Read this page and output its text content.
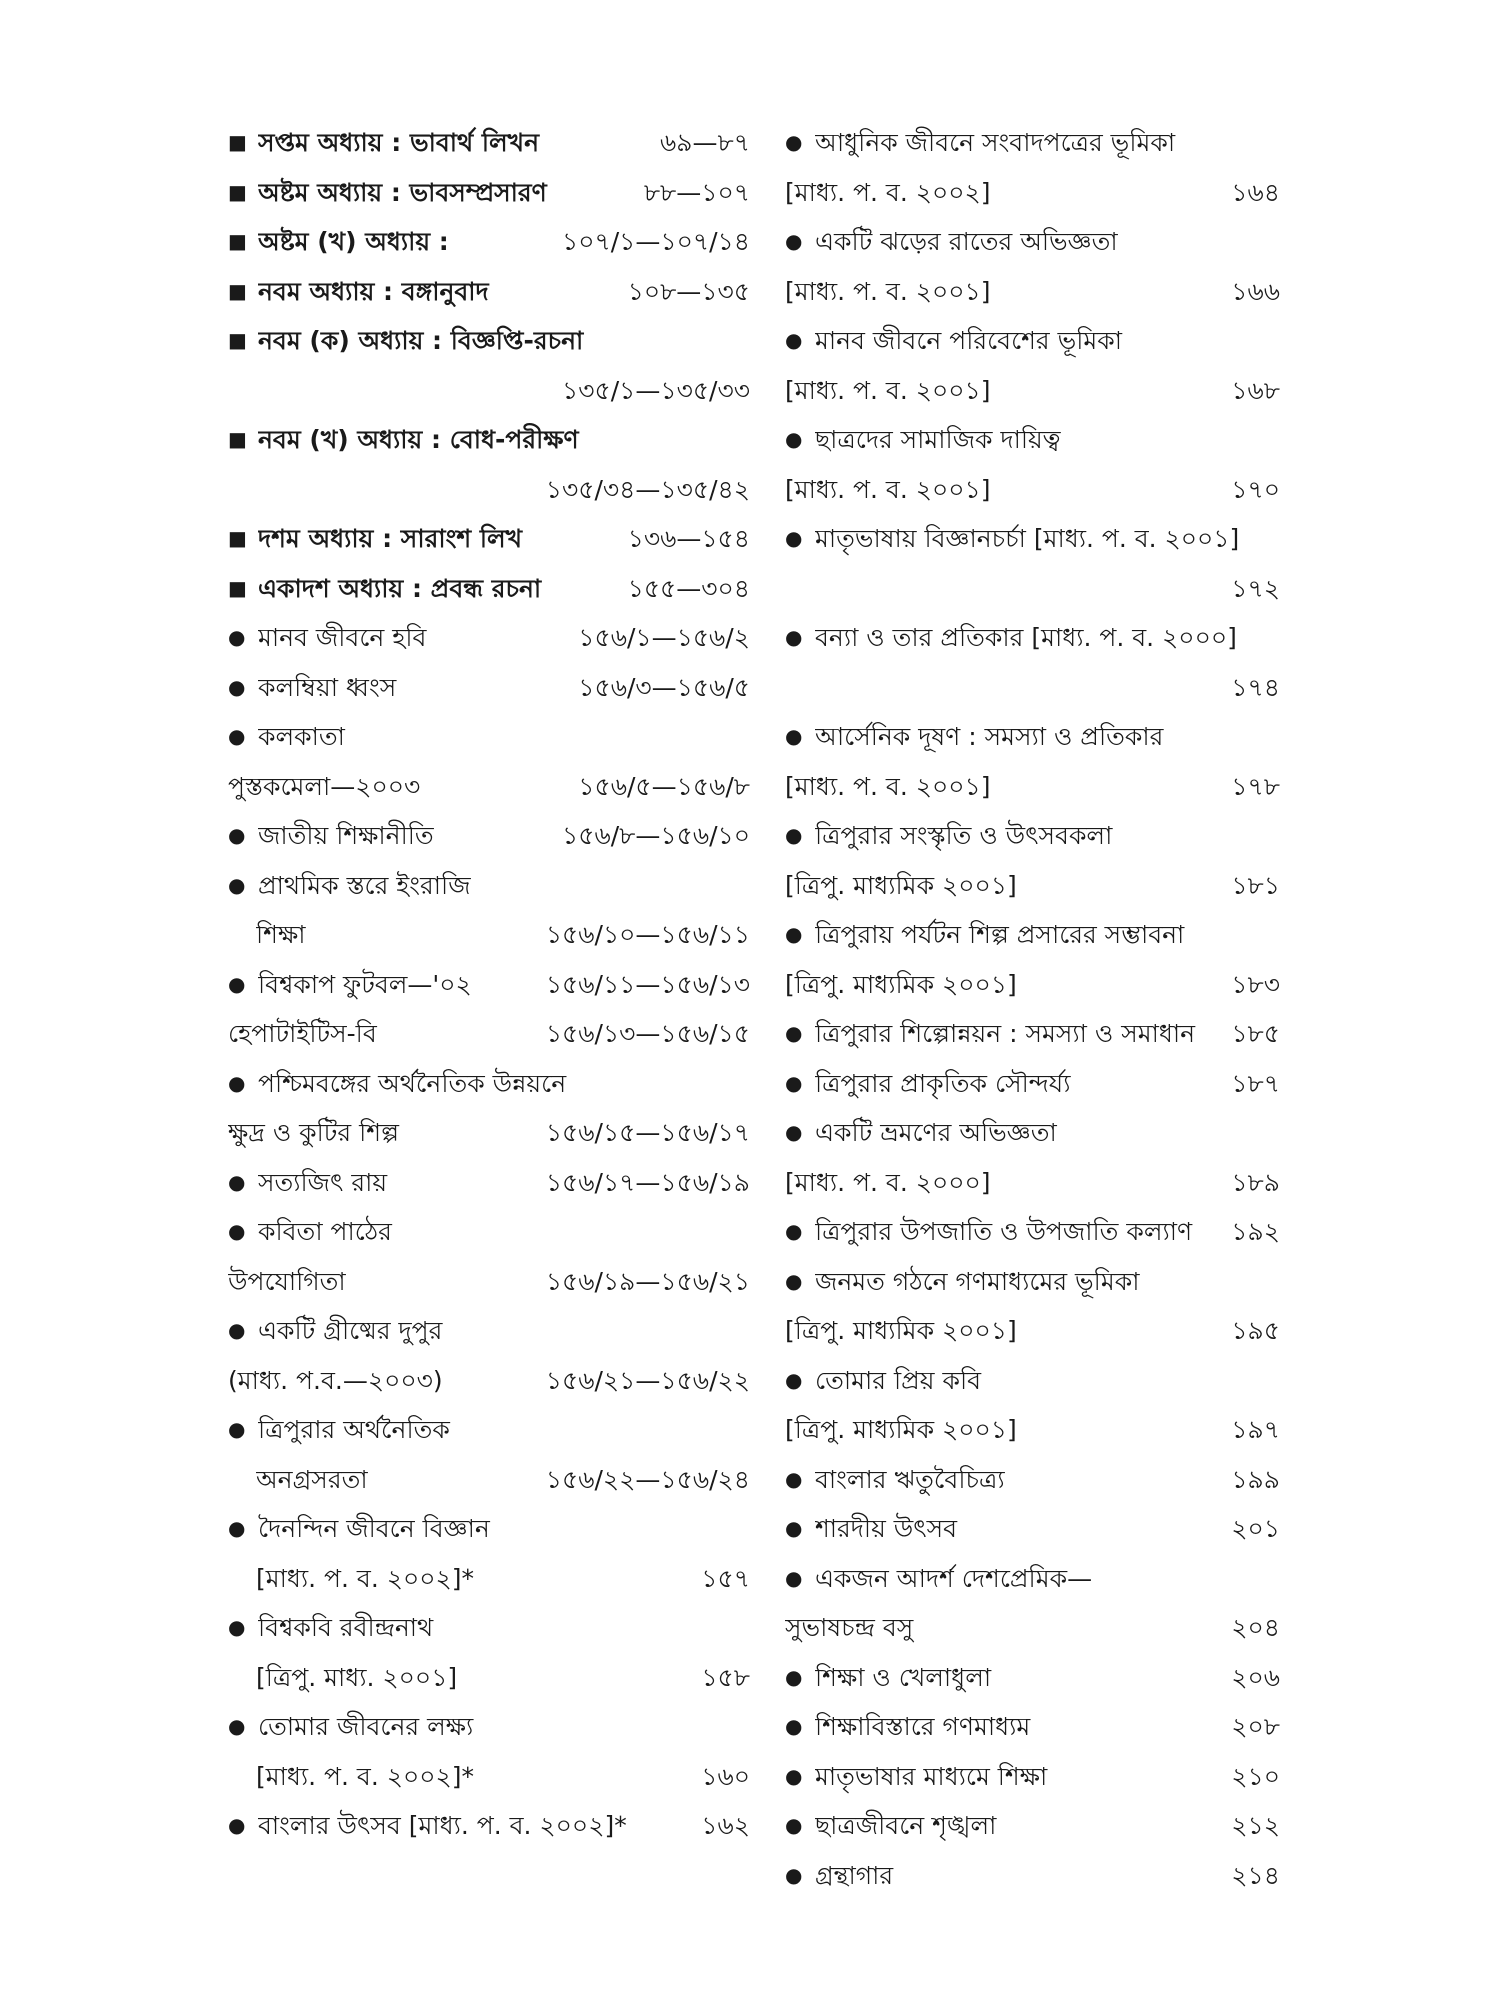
■ সপ্তম অধ্যায় : ভাবার্থ লিখন	৬৯—৮৭
■ অষ্টম অধ্যায় : ভাবসম্প্রসারণ	৮৮—১০৭
■ অষ্টম (খ) অধ্যায় :	১০৭/১—১০৭/১৪
■ নবম অধ্যায় : বঙ্গানুবাদ	১০৮—১৩৫
■ নবম (ক) অধ্যায় : বিজ্ঞপ্তি-রচনা
১৩৫/১—১৩৫/৩৩
■ নবম (খ) অধ্যায় : বোধ-পরীক্ষণ
১৩৫/৩৪—১৩৫/৪২
■ দশম অধ্যায় : সারাংশ লিখ	১৩৬—১৫৪
■ একাদশ অধ্যায় : প্রবন্ধ রচনা	১৫৫—৩০৪
● মানব জীবনে হবি	১৫৬/১—১৫৬/২
● কলম্বিয়া ধ্বংস	১৫৬/৩—১৫৬/৫
● কলকাতা
পুস্তকমেলা—২০০৩	১৫৬/৫—১৫৬/৮
● জাতীয় শিক্ষানীতি	১৫৬/৮—১৫৬/১০
● প্রাথমিক স্তরে ইংরাজি
শিক্ষা	১৫৬/১০—১৫৬/১১
● বিশ্বকাপ ফুটবল—'০২	১৫৬/১১—১৫৬/১৩
হেপাটাইটিস-বি	১৫৬/১৩—১৫৬/১৫
● পশ্চিমবঙ্গের অর্থনৈতিক উন্নয়নে
ক্ষুদ্র ও কুটির শিল্প	১৫৬/১৫—১৫৬/১৭
● সত্যজিৎ রায়	১৫৬/১৭—১৫৬/১৯
● কবিতা পাঠের
উপযোগিতা	১৫৬/১৯—১৫৬/২১
● একটি গ্রীষ্মের দুপুর
(মাধ্য. প.ব.—২০০৩)	১৫৬/২১—১৫৬/২২
● ত্রিপুরার অর্থনৈতিক
অনগ্রসরতা	১৫৬/২২—১৫৬/২৪
● দৈনন্দিন জীবনে বিজ্ঞান
[মাধ্য. প. ব. ২০০২]*	১৫৭
● বিশ্বকবি রবীন্দ্রনাথ
[ত্রিপু. মাধ্য. ২০০১]	১৫৮
● তোমার জীবনের লক্ষ্য
[মাধ্য. প. ব. ২০০২]*	১৬০
● বাংলার উৎসব [মাধ্য. প. ব. ২০০২]*	১৬২
● আধুনিক জীবনে সংবাদপত্রের ভূমিকা
[মাধ্য. প. ব. ২০০২]	১৬৪
● একটি ঝড়ের রাতের অভিজ্ঞতা
[মাধ্য. প. ব. ২০০১]	১৬৬
● মানব জীবনে পরিবেশের ভূমিকা
[মাধ্য. প. ব. ২০০১]	১৬৮
● ছাত্রদের সামাজিক দায়িত্ব
[মাধ্য. প. ব. ২০০১]	১৭০
● মাতৃভাষায় বিজ্ঞানচর্চা [মাধ্য. প. ব. ২০০১]
১৭২
● বন্যা ও তার প্রতিকার [মাধ্য. প. ব. ২০০০]
১৭৪
● আর্সেনিক দূষণ : সমস্যা ও প্রতিকার
[মাধ্য. প. ব. ২০০১]	১৭৮
● ত্রিপুরার সংস্কৃতি ও উৎসবকলা
[ত্রিপু. মাধ্যমিক ২০০১]	১৮১
● ত্রিপুরায় পর্যটন শিল্প প্রসারের সম্ভাবনা
[ত্রিপু. মাধ্যমিক ২০০১]	১৮৩
● ত্রিপুরার শিল্পোন্নয়ন : সমস্যা ও সমাধান	১৮৫
● ত্রিপুরার প্রাকৃতিক সৌন্দর্য্য	১৮৭
● একটি ভ্রমণের অভিজ্ঞতা
[মাধ্য. প. ব. ২০০০]	১৮৯
● ত্রিপুরার উপজাতি ও উপজাতি কল্যাণ	১৯২
● জনমত গঠনে গণমাধ্যমের ভূমিকা
[ত্রিপু. মাধ্যমিক ২০০১]	১৯৫
● তোমার প্রিয় কবি
[ত্রিপু. মাধ্যমিক ২০০১]	১৯৭
● বাংলার ঋতুবৈচিত্র্য	১৯৯
● শারদীয় উৎসব	২০১
● একজন আদর্শ দেশপ্রেমিক—
সুভাষচন্দ্র বসু	২০৪
● শিক্ষা ও খেলাধুলা	২০৬
● শিক্ষাবিস্তারে গণমাধ্যম	২০৮
● মাতৃভাষার মাধ্যমে শিক্ষা	২১০
● ছাত্রজীবনে শৃঙ্খলা	২১২
● গ্রন্থাগার	২১৪
